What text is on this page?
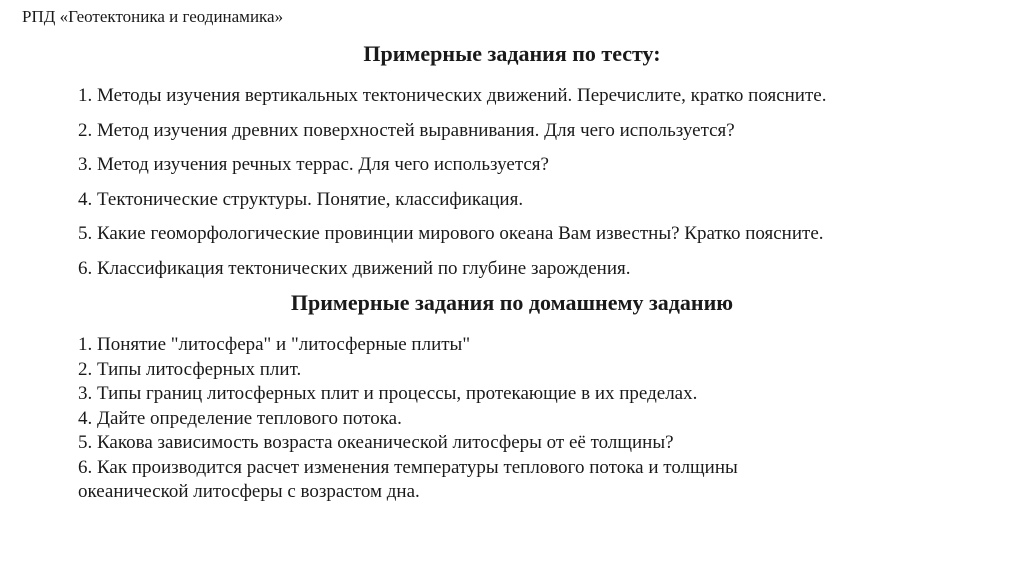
РПД «Геотектоника и геодинамика»
Примерные задания по тесту:
1. Методы изучения вертикальных тектонических движений. Перечислите, кратко поясните.
2. Метод изучения древних поверхностей выравнивания. Для чего используется?
3. Метод изучения речных террас. Для чего используется?
4. Тектонические структуры. Понятие, классификация.
5. Какие геоморфологические провинции мирового океана Вам известны? Кратко поясните.
6. Классификация тектонических движений по глубине зарождения.
Примерные задания по домашнему заданию
1. Понятие "литосфера" и "литосферные плиты"
2. Типы литосферных плит.
3. Типы границ литосферных плит и процессы, протекающие в их пределах.
4. Дайте определение теплового потока.
5. Какова зависимость возраста океанической литосферы от её толщины?
6. Как производится расчет изменения температуры теплового потока и толщины
океанической литосферы с возрастом дна.
